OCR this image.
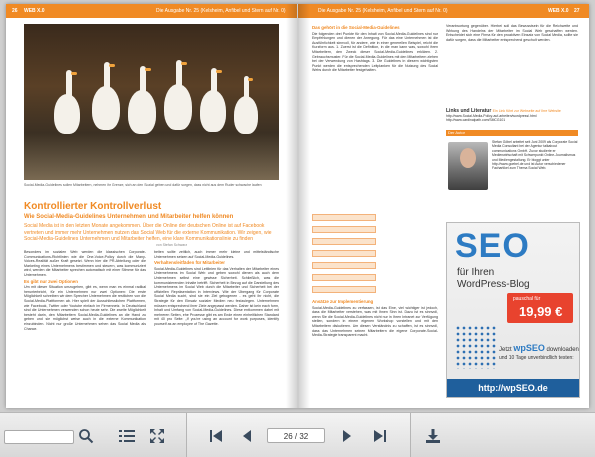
26 WEB X.0	Die Ausgabe Nr. 25 (Kelsheim, Anfibel und Stern auf Nr. 0)
Social-Media-Guidelines sollen Mitarbeitern, nehmen ihr Grenze, sich an den Sozial geben und dafür sorgen, dass nicht aus dem Ruder schwache laufen
Kontrollierter Kontrollverlust
Wie Social-Media-Guidelines Unternehmen und Mitarbeiter helfen können
Social Media ist in den letzten Monate angekommen. Über die Online der deutschen Online ist auf Facebook vertreten und immer mehr Unternehmen nutzen das Social Web für die externe Kommunikation. Wir zeigen, wie Social-Media-Guidelines Unternehmen und Mitarbeiter helfen, eine klare Kommunikationslinie zu finden
von Stefan Schwarz
Besonders im sozialen Web werden die klassischen Corporate-Communications-Richtlinien wie die One-Voice-Policy durch die Many-Voices-Realität außer Kraft gesetzt. Wenn hier die PR-Abteilung oder die Marketing eines Unternehmens bestimmen und steuern, was kommuniziert wird, werden die Mitarbeiter sprechen automatisch mit einer Stimme für das Unternehmen.
Es gibt nur zwei Optionen
Um mit dieser Situation umzugehen, gibt es, wenn man es einmal radikal herunterbricht, für ein Unternehmen nur zwei Optionen: Die erste Möglichkeit schreiben wir dem Sprecher Unternehmen die restlichen von die Social-Media-Plattformen ab. Hier spielt der Ausschliesslichen Plattformen, wie Facebook, Twitter oder Youtube einfach im Firmennetz. In Deutschland sind die Unternehmen verwenden schon heute sehr. Die zweite Möglichkeit besteht darin, den Mitarbeitern Social-Media-Guidelines an die Hand zu geben und sie möglichst weise auch in die externe Kommunikation einzubinden. Nicht nur große Unternehmen sehen das Social Media als Chance.
beiten sollte zeitlich, auch immer mehr kleine und mittelständische Unternehmen setzen auf Social-Media-Guidelines.
Verhaltensleitfäden für Mitarbeiter
Social-Media-Guidelines sind Leitlinien für das Verhalten der Mitarbeiter eines Unternehmens im Social Web und geben sowohl dienen als auch dem Unternehmen selbst eine gewisse Sicherheit. Schließlich, was die kommunizierenden Inhalte betrifft. Sicherheit in Bezug auf die Darstellung des Unternehmens im Social Web durch die Mitarbeiter und Sicherheit bei der offiziellen Repräsentation in Interviews. Wie der Übergang für Corporate Social Media sucht, sind sie ein Ziel gebogenen - es geht ihr nicht, die Strategie für den Einsatz sozialer Medien neu festzulegen. Unternehmen müssen entsprechend ihrer Ziele angepasst werden. Daher ist kein each form, Inhalt und Umfang von Social-Media-Guidelines. Diese entkommen dabei mit mehreren Seiten, ehe Prozesse gibt es am Ende einen einheitlichen Standard mit 40 pro Seite: „If you're using an account for work purposes, identify yourself as an employee of The Gazette.
Die Ausgabe Nr. 25 (Kelsheim, Anfibel und Stern auf Nr. 0)	WEB X.0 27
Das gehört in die Social-Media-Guidelines
Die folgenden drei Punkte für den Inhalt von Social-Media-Guidelines sind nur Empfehlungen und dienen der Anregung. Für das eine Unternehmen ist die Ausführlichkeit sinnvoll, für andere, wie in einer generellen Beispiel, reicht die Kurzform aus. 1. Zuerst ist die Definition, in die man kann was, sowohl ihren Mitarbeitern, den Zweck dieser Social-Media-Guidelines erklären. 2. Gebrauchsmuster. Für die Social-Media-Guidelines mit den Mitarbeitern ziehen bei der Verwendung von Hashtags. 3. Die Guidelines in diesem wichtigsten Punkt werden die entsprechenden Leitplanken für die Nutzung des Social Webs durch die Mitarbeiter festgehalten.
Ansätze zur Implementierung
Social-Media-Guidelines zu verfassen, ist das Eine, viel wichtiger ist jedoch, dass die Mitarbeiter verstehen, was mit Ihnen Sinn ist. Dazu ist es sinnvoll, wenn Sie die Social-Media-Guidelines nicht nur in Ihren Intranet zur Verfügung stellen, sondern in einem eigenen Workshop vorstellen und mit den Mitarbeitern diskutieren. Um diesen Verständnis zu schaffen, ist es sinnvoll, dass das Unternehmen seinen Mitarbeitern die eigene Corporate-Social-Media-Strategie transparent macht.
Verantwortung gegenüber. Hierbei soll das Bewusstsein für die Reichweite und Wirkung des Handelns der Mitarbeiter im Social Web geschaffen werden. Entscheidet sich eine Firma für den proaktiven Einsatz von Social Media, sollte sie dafür sorgen, dass die Mitarbeiter entsprechend geschult werden.
Links und Literatur Ein Link führt zur Webseite auf Ihre Website
http://www.Social-Media-Policy-auf-arbeiten/wordpress/.html http://www.cardinalpath.com/SMCG101
Der Autor
Stefan Göbel arbeitet seit Juni 2009 als Corporate Social Media Consultant bei der Agentur talkabout communications GmbH. Zuvor studierte er Medienwirtschaft mit Schwerpunkt Online-Journalismus und Mediengestaltung. Er bloggt unter http://www.goebel.de und ist Autor verschiedener Fachartikel zum Thema Social Web.
SEO
für Ihren
WordPress-Blog
pauschal für
19,99 €
Jetzt wpSEO downloaden
und 10 Tage unverbindlich testen:
http://wpSEO.de
26 / 32
